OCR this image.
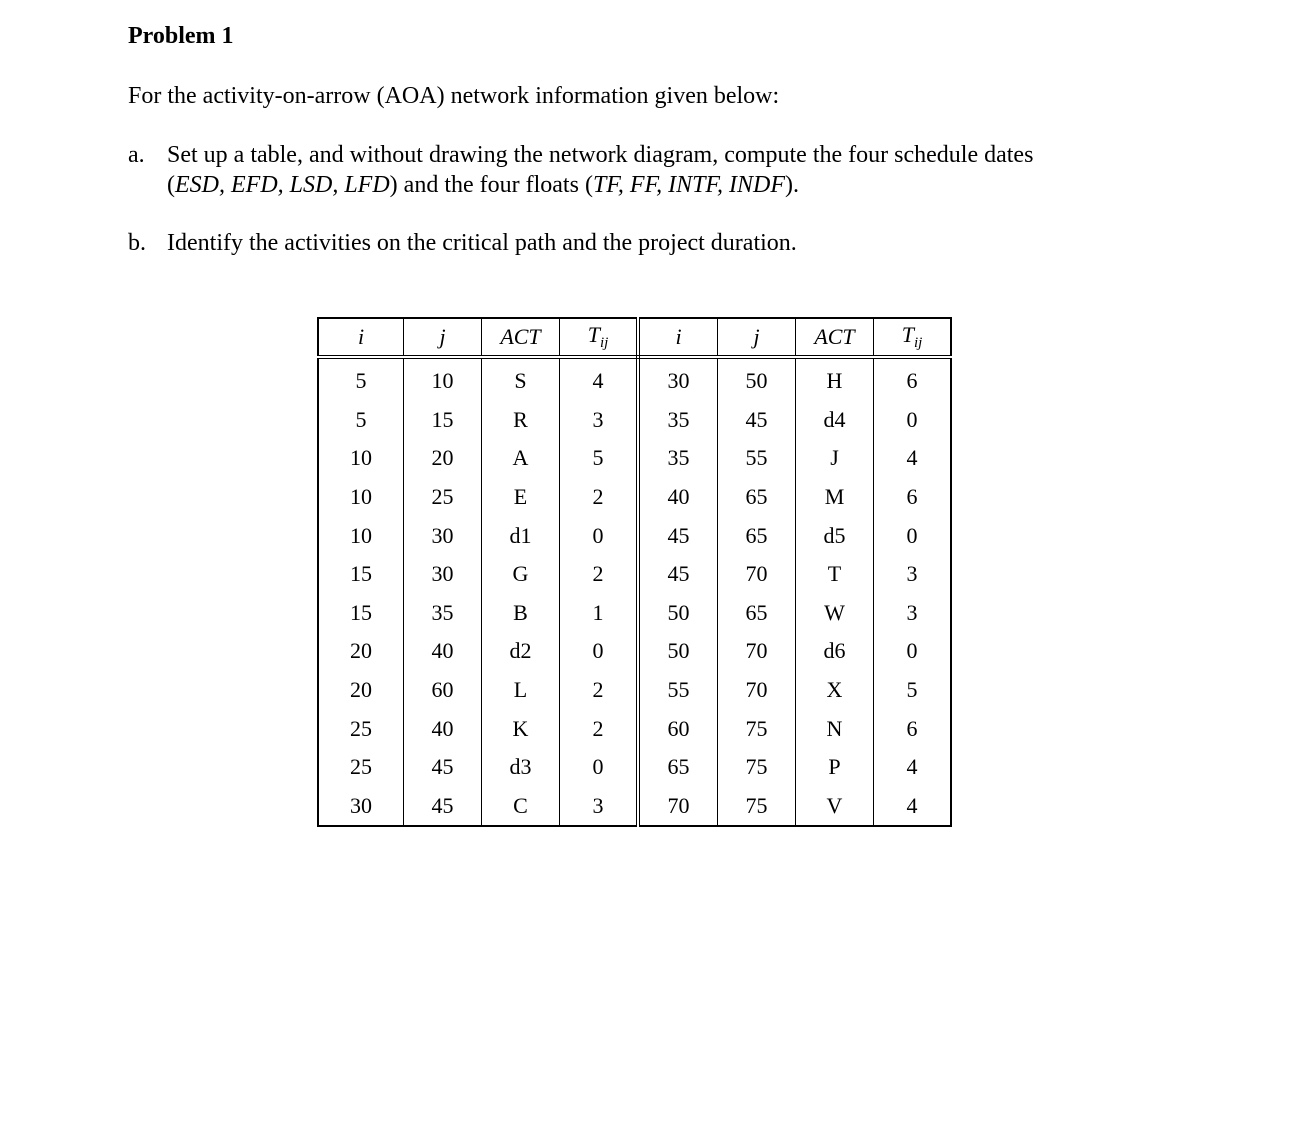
Problem 1
For the activity-on-arrow (AOA) network information given below:
a. Set up a table, and without drawing the network diagram, compute the four schedule dates
(ESD, EFD, LSD, LFD) and the four floats (TF, FF, INTF, INDF).
b. Identify the activities on the critical path and the project duration.
i	j	ACT	$T_{ij}$	i	j	ACT	$T_{ij}$
5	10	S	4	30	50	H	6
5	15	R	3	35	45	d4	0
10	20	A	5	35	55	J	4
10	25	E	2	40	65	M	6
10	30	d1	0	45	65	d5	0
15	30	G	2	45	70	T	3
15	35	B	1	50	65	W	3
20	40	d2	0	50	70	d6	0
20	60	L	2	55	70	X	5
25	40	K	2	60	75	N	6
25	45	d3	0	65	75	P	4
30	45	C	3	70	75	V	4
